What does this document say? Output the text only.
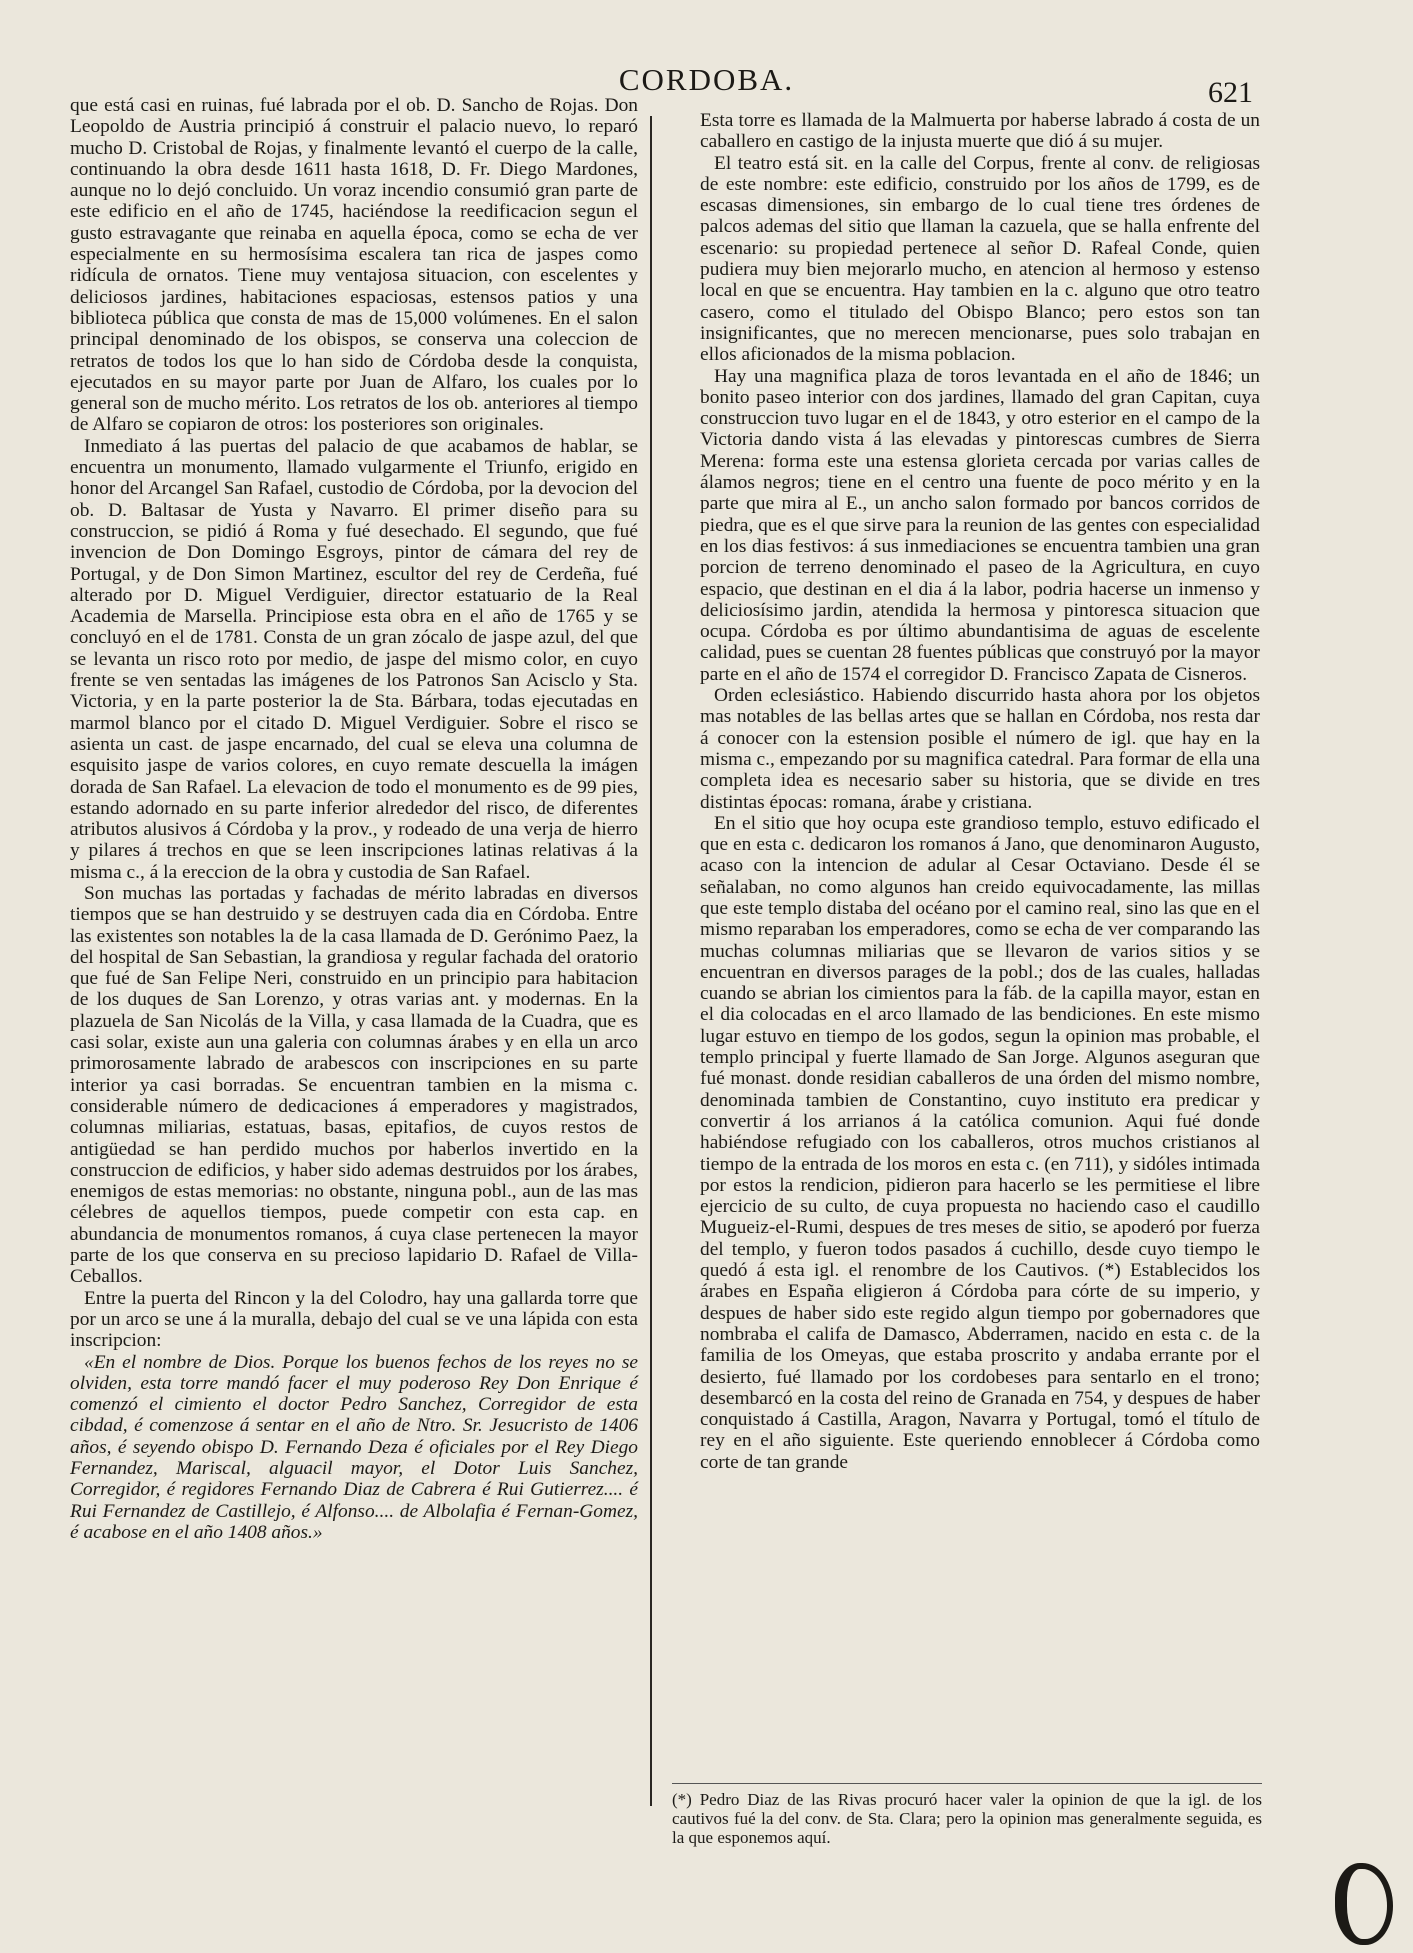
CORDOBA.	621

que está casi en ruinas, fué labrada por el ob. D. Sancho de Rojas. Don Leopoldo de Austria principió á construir el palacio nuevo, lo reparó mucho D. Cristobal de Rojas, y finalmente levantó el cuerpo de la calle, continuando la obra desde 1611 hasta 1618, D. Fr. Diego Mardones, aunque no lo dejó concluido. Un voraz incendio consumió gran parte de este edificio en el año de 1745, haciéndose la reedificacion segun el gusto estravagante que reinaba en aquella época, como se echa de ver especialmente en su hermosísima escalera tan rica de jaspes como ridícula de ornatos. Tiene muy ventajosa situacion, con escelentes y deliciosos jardines, habitaciones espaciosas, estensos patios y una biblioteca pública que consta de mas de 15,000 volúmenes. En el salon principal denominado de los obispos, se conserva una coleccion de retratos de todos los que lo han sido de Córdoba desde la conquista, ejecutados en su mayor parte por Juan de Alfaro, los cuales por lo general son de mucho mérito. Los retratos de los ob. anteriores al tiempo de Alfaro se copiaron de otros: los posteriores son originales.

Inmediato á las puertas del palacio de que acabamos de hablar, se encuentra un monumento, llamado vulgarmente el Triunfo, erigido en honor del Arcangel San Rafael, custodio de Córdoba, por la devocion del ob. D. Baltasar de Yusta y Navarro. El primer diseño para su construccion, se pidió á Roma y fué desechado. El segundo, que fué invencion de Don Domingo Esgroys, pintor de cámara del rey de Portugal, y de Don Simon Martinez, escultor del rey de Cerdeña, fué alterado por D. Miguel Verdiguier, director estatuario de la Real Academia de Marsella. Principiose esta obra en el año de 1765 y se concluyó en el de 1781. Consta de un gran zócalo de jaspe azul, del que se levanta un risco roto por medio, de jaspe del mismo color, en cuyo frente se ven sentadas las imágenes de los Patronos San Acisclo y Sta. Victoria, y en la parte posterior la de Sta. Bárbara, todas ejecutadas en marmol blanco por el citado D. Miguel Verdiguier. Sobre el risco se asienta un cast. de jaspe encarnado, del cual se eleva una columna de esquisito jaspe de varios colores, en cuyo remate descuella la imágen dorada de San Rafael. La elevacion de todo el monumento es de 99 pies, estando adornado en su parte inferior alrededor del risco, de diferentes atributos alusivos á Córdoba y la prov., y rodeado de una verja de hierro y pilares á trechos en que se leen inscripciones latinas relativas á la misma c., á la ereccion de la obra y custodia de San Rafael.

Son muchas las portadas y fachadas de mérito labradas en diversos tiempos que se han destruido y se destruyen cada dia en Córdoba. Entre las existentes son notables la de la casa llamada de D. Gerónimo Paez, la del hospital de San Sebastian, la grandiosa y regular fachada del oratorio que fué de San Felipe Neri, construido en un principio para habitacion de los duques de San Lorenzo, y otras varias ant. y modernas. En la plazuela de San Nicolás de la Villa, y casa llamada de la Cuadra, que es casi solar, existe aun una galeria con columnas árabes y en ella un arco primorosamente labrado de arabescos con inscripciones en su parte interior ya casi borradas. Se encuentran tambien en la misma c. considerable número de dedicaciones á emperadores y magistrados, columnas miliarias, estatuas, basas, epitafios, de cuyos restos de antigüedad se han perdido muchos por haberlos invertido en la construccion de edificios, y haber sido ademas destruidos por los árabes, enemigos de estas memorias: no obstante, ninguna pobl., aun de las mas célebres de aquellos tiempos, puede competir con esta cap. en abundancia de monumentos romanos, á cuya clase pertenecen la mayor parte de los que conserva en su precioso lapidario D. Rafael de Villa-Ceballos.

Entre la puerta del Rincon y la del Colodro, hay una gallarda torre que por un arco se une á la muralla, debajo del cual se ve una lápida con esta inscripcion:

«En el nombre de Dios. Porque los buenos fechos de los reyes no se olviden, esta torre mandó facer el muy poderoso Rey Don Enrique é comenzó el cimiento el doctor Pedro Sanchez, Corregidor de esta cibdad, é comenzose á sentar en el año de Ntro. Sr. Jesucristo de 1406 años, é seyendo obispo D. Fernando Deza é oficiales por el Rey Diego Fernandez, Mariscal, alguacil mayor, el Dotor Luis Sanchez, Corregidor, é regidores Fernando Diaz de Cabrera é Rui Gutierrez.... é Rui Fernandez de Castillejo, é Alfonso.... de Albolafia é Fernan-Gomez, é acabose en el año 1408 años.»

Esta torre es llamada de la Malmuerta por haberse labrado á costa de un caballero en castigo de la injusta muerte que dió á su mujer.

El teatro está sit. en la calle del Corpus, frente al conv. de religiosas de este nombre: este edificio, construido por los años de 1799, es de escasas dimensiones, sin embargo de lo cual tiene tres órdenes de palcos ademas del sitio que llaman la cazuela, que se halla enfrente del escenario: su propiedad pertenece al señor D. Rafeal Conde, quien pudiera muy bien mejorarlo mucho, en atencion al hermoso y estenso local en que se encuentra. Hay tambien en la c. alguno que otro teatro casero, como el titulado del Obispo Blanco; pero estos son tan insignificantes, que no merecen mencionarse, pues solo trabajan en ellos aficionados de la misma poblacion.

Hay una magnifica plaza de toros levantada en el año de 1846; un bonito paseo interior con dos jardines, llamado del gran Capitan, cuya construccion tuvo lugar en el de 1843, y otro esterior en el campo de la Victoria dando vista á las elevadas y pintorescas cumbres de Sierra Merena: forma este una estensa glorieta cercada por varias calles de álamos negros; tiene en el centro una fuente de poco mérito y en la parte que mira al E., un ancho salon formado por bancos corridos de piedra, que es el que sirve para la reunion de las gentes con especialidad en los dias festivos: á sus inmediaciones se encuentra tambien una gran porcion de terreno denominado el paseo de la Agricultura, en cuyo espacio, que destinan en el dia á la labor, podria hacerse un inmenso y deliciosísimo jardin, atendida la hermosa y pintoresca situacion que ocupa. Córdoba es por último abundantisima de aguas de escelente calidad, pues se cuentan 28 fuentes públicas que construyó por la mayor parte en el año de 1574 el corregidor D. Francisco Zapata de Cisneros.

Orden eclesiástico. Habiendo discurrido hasta ahora por los objetos mas notables de las bellas artes que se hallan en Córdoba, nos resta dar á conocer con la estension posible el número de igl. que hay en la misma c., empezando por su magnifica catedral. Para formar de ella una completa idea es necesario saber su historia, que se divide en tres distintas épocas: romana, árabe y cristiana.

En el sitio que hoy ocupa este grandioso templo, estuvo edificado el que en esta c. dedicaron los romanos á Jano, que denominaron Augusto, acaso con la intencion de adular al Cesar Octaviano. Desde él se señalaban, no como algunos han creido equivocadamente, las millas que este templo distaba del océano por el camino real, sino las que en el mismo reparaban los emperadores, como se echa de ver comparando las muchas columnas miliarias que se llevaron de varios sitios y se encuentran en diversos parages de la pobl.; dos de las cuales, halladas cuando se abrian los cimientos para la fáb. de la capilla mayor, estan en el dia colocadas en el arco llamado de las bendiciones. En este mismo lugar estuvo en tiempo de los godos, segun la opinion mas probable, el templo principal y fuerte llamado de San Jorge. Algunos aseguran que fué monast. donde residian caballeros de una órden del mismo nombre, denominada tambien de Constantino, cuyo instituto era predicar y convertir á los arrianos á la católica comunion. Aqui fué donde habiéndose refugiado con los caballeros, otros muchos cristianos al tiempo de la entrada de los moros en esta c. (en 711), y sidóles intimada por estos la rendicion, pidieron para hacerlo se les permitiese el libre ejercicio de su culto, de cuya propuesta no haciendo caso el caudillo Mugueiz-el-Rumi, despues de tres meses de sitio, se apoderó por fuerza del templo, y fueron todos pasados á cuchillo, desde cuyo tiempo le quedó á esta igl. el renombre de los Cautivos. (*) Establecidos los árabes en España eligieron á Córdoba para córte de su imperio, y despues de haber sido este regido algun tiempo por gobernadores que nombraba el califa de Damasco, Abderramen, nacido en esta c. de la familia de los Omeyas, que estaba proscrito y andaba errante por el desierto, fué llamado por los cordobeses para sentarlo en el trono; desembarcó en la costa del reino de Granada en 754, y despues de haber conquistado á Castilla, Aragon, Navarra y Portugal, tomó el título de rey en el año siguiente. Este queriendo ennoblecer á Córdoba como corte de tan grande

(*) Pedro Diaz de las Rivas procuró hacer valer la opinion de que la igl. de los cautivos fué la del conv. de Sta. Clara; pero la opinion mas generalmente seguida, es la que esponemos aquí.
